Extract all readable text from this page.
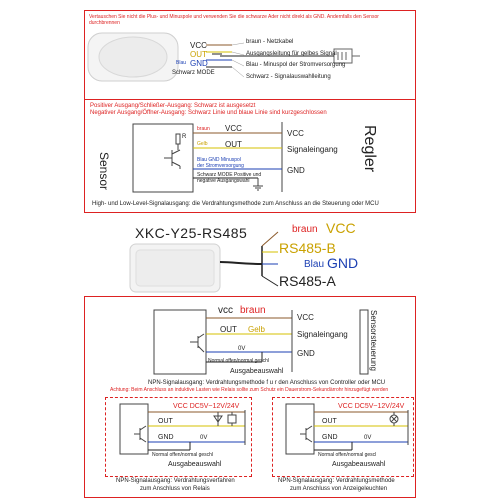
Vertauschen Sie nicht die Plus- und Minuspole und verwenden Sie die schwarze Ader nicht direkt als GND. Andernfalls den Sensor durchbrennen
VCC
OUT
Blau GND
Schwarz MODE
braun - Netzkabel
Ausgangsleitung für gelbes Signal
Blau - Minuspol der Stromversorgung
Schwarz - Signalauswahlleitung
Positiver Ausgang/Schließer-Ausgang: Schwarz ist ausgesetzt
Negativer Ausgang/Öffner-Ausgang: Schwarz Linie und blaue Linie sind kurzgeschlossen
Sensor
braun VCC
Gelb OUT
R
Blau GND Minuspol
der Stromversorgung
Schwarz MODE Positive und
negative Ausgangswahl
VCC
Signaleingang
GND	Regler
High- und Low-Level-Signalausgang: die Verdrahtungsmethode zum Anschluss an die Steuerung oder MCU
XKC-Y25-RS485	braun VCC
RS485-B
Blau GND
RS485-A
vcc braun
OUT Gelb
0V
Normal offen/normal geschl
Ausgabeauswahl
VCC
Signaleingang
GND	Sensorsteuerung
NPN-Signalausgang: Verdrahtungsmethode f u r den Anschluss von Controller oder MCU
Achtung: Beim Anschluss an induktive Lasten wie Relais sollte zum Schutz ein Dauerstrom-Sekundärrohr hinzugefügt werden
VCC DC5V~12V/24V
OUT
GND	0V
Normal offen/normal geschl
Ausgabeauswahl
NPN-Signalausgang: Verdrahtungsverfahren
zum Anschluss von Relais
VCC DC5V~12V/24V
OUT
GND	0V
Normal offen/normal gescl
Ausgabeauswahl
NPN-Signalausgang: Verdrahtungsmethode
zum Anschluss von Anzeigeleuchten
